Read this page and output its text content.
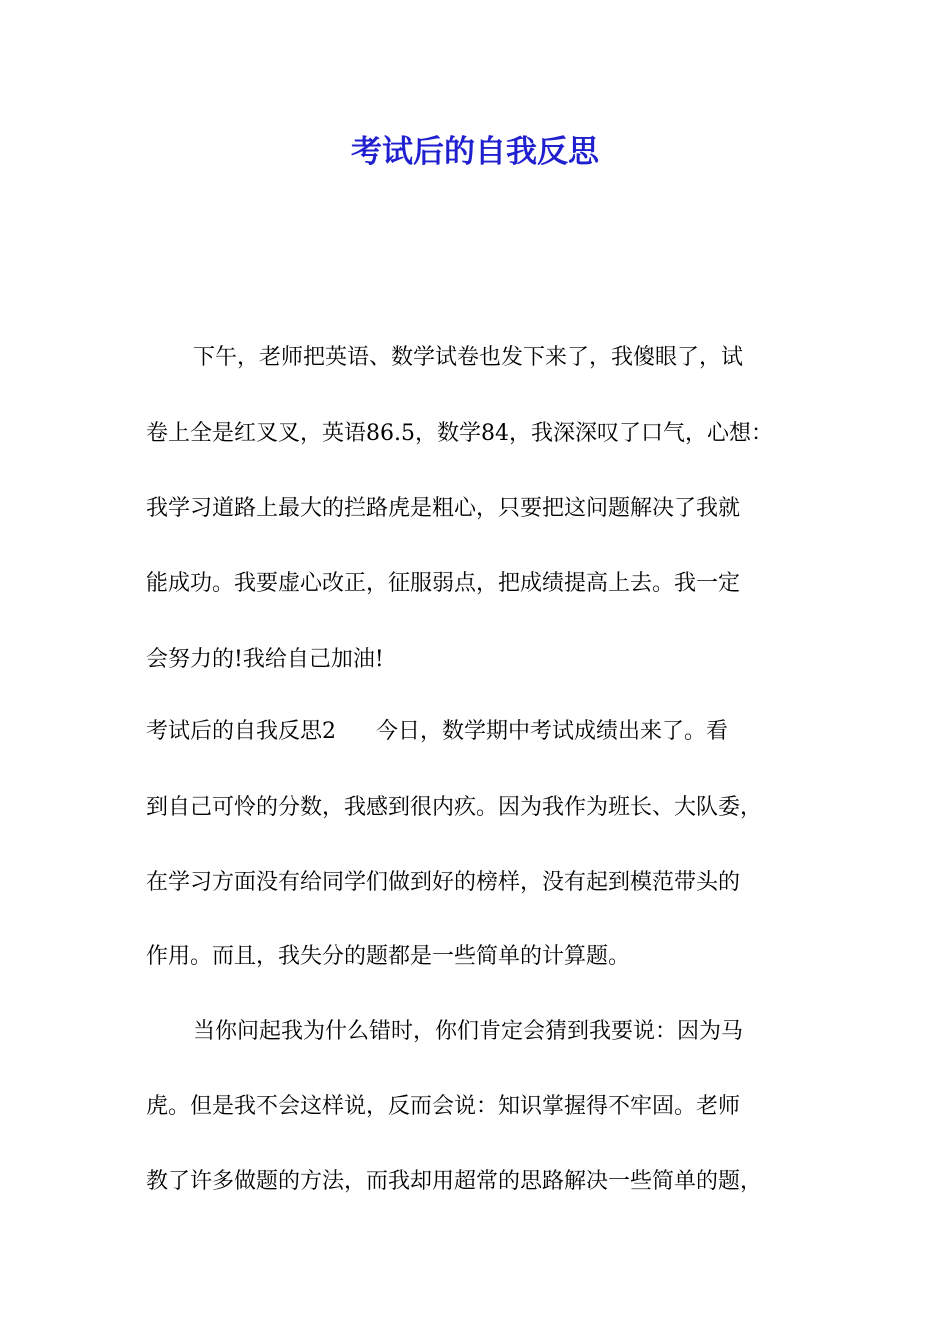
考试后的自我反思
下午，老师把英语、数学试卷也发下来了，我傻眼了，试
卷上全是红叉叉，英语86.5，数学84，我深深叹了口气，心想：
我学习道路上最大的拦路虎是粗心，只要把这问题解决了我就
能成功。我要虚心改正，征服弱点，把成绩提高上去。我一定
会努力的!我给自己加油!
考试后的自我反思2 今日，数学期中考试成绩出来了。看
到自己可怜的分数，我感到很内疚。因为我作为班长、大队委，
在学习方面没有给同学们做到好的榜样，没有起到模范带头的
作用。而且，我失分的题都是一些简单的计算题。
当你问起我为什么错时，你们肯定会猜到我要说：因为马
虎。但是我不会这样说，反而会说：知识掌握得不牢固。老师
教了许多做题的方法，而我却用超常的思路解决一些简单的题，
